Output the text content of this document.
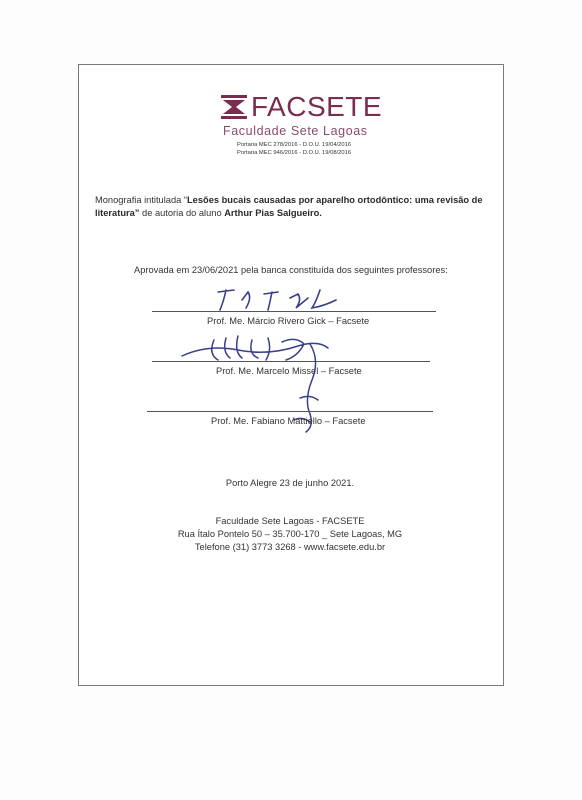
FACSETE
Faculdade Sete Lagoas
Portaria MEC 278/2016 - D.O.U. 19/04/2016
Portaria MEC 946/2016 - D.O.U. 19/08/2016
Monografia intitulada “Lesões bucais causadas por aparelho ortodôntico: uma revisão de literatura” de autoria do aluno Arthur Pias Salgueiro.
Aprovada em 23/06/2021 pela banca constituída dos seguintes professores:
Prof. Me. Márcio Rivero Gick – Facsete
Prof. Me. Marcelo Missel – Facsete
Prof. Me. Fabiano Mattiello – Facsete
Porto Alegre 23 de junho 2021.
Faculdade Sete Lagoas - FACSETE
Rua Ítalo Pontelo 50 – 35.700-170 _ Sete Lagoas, MG
Telefone (31) 3773 3268 - www.facsete.edu.br
